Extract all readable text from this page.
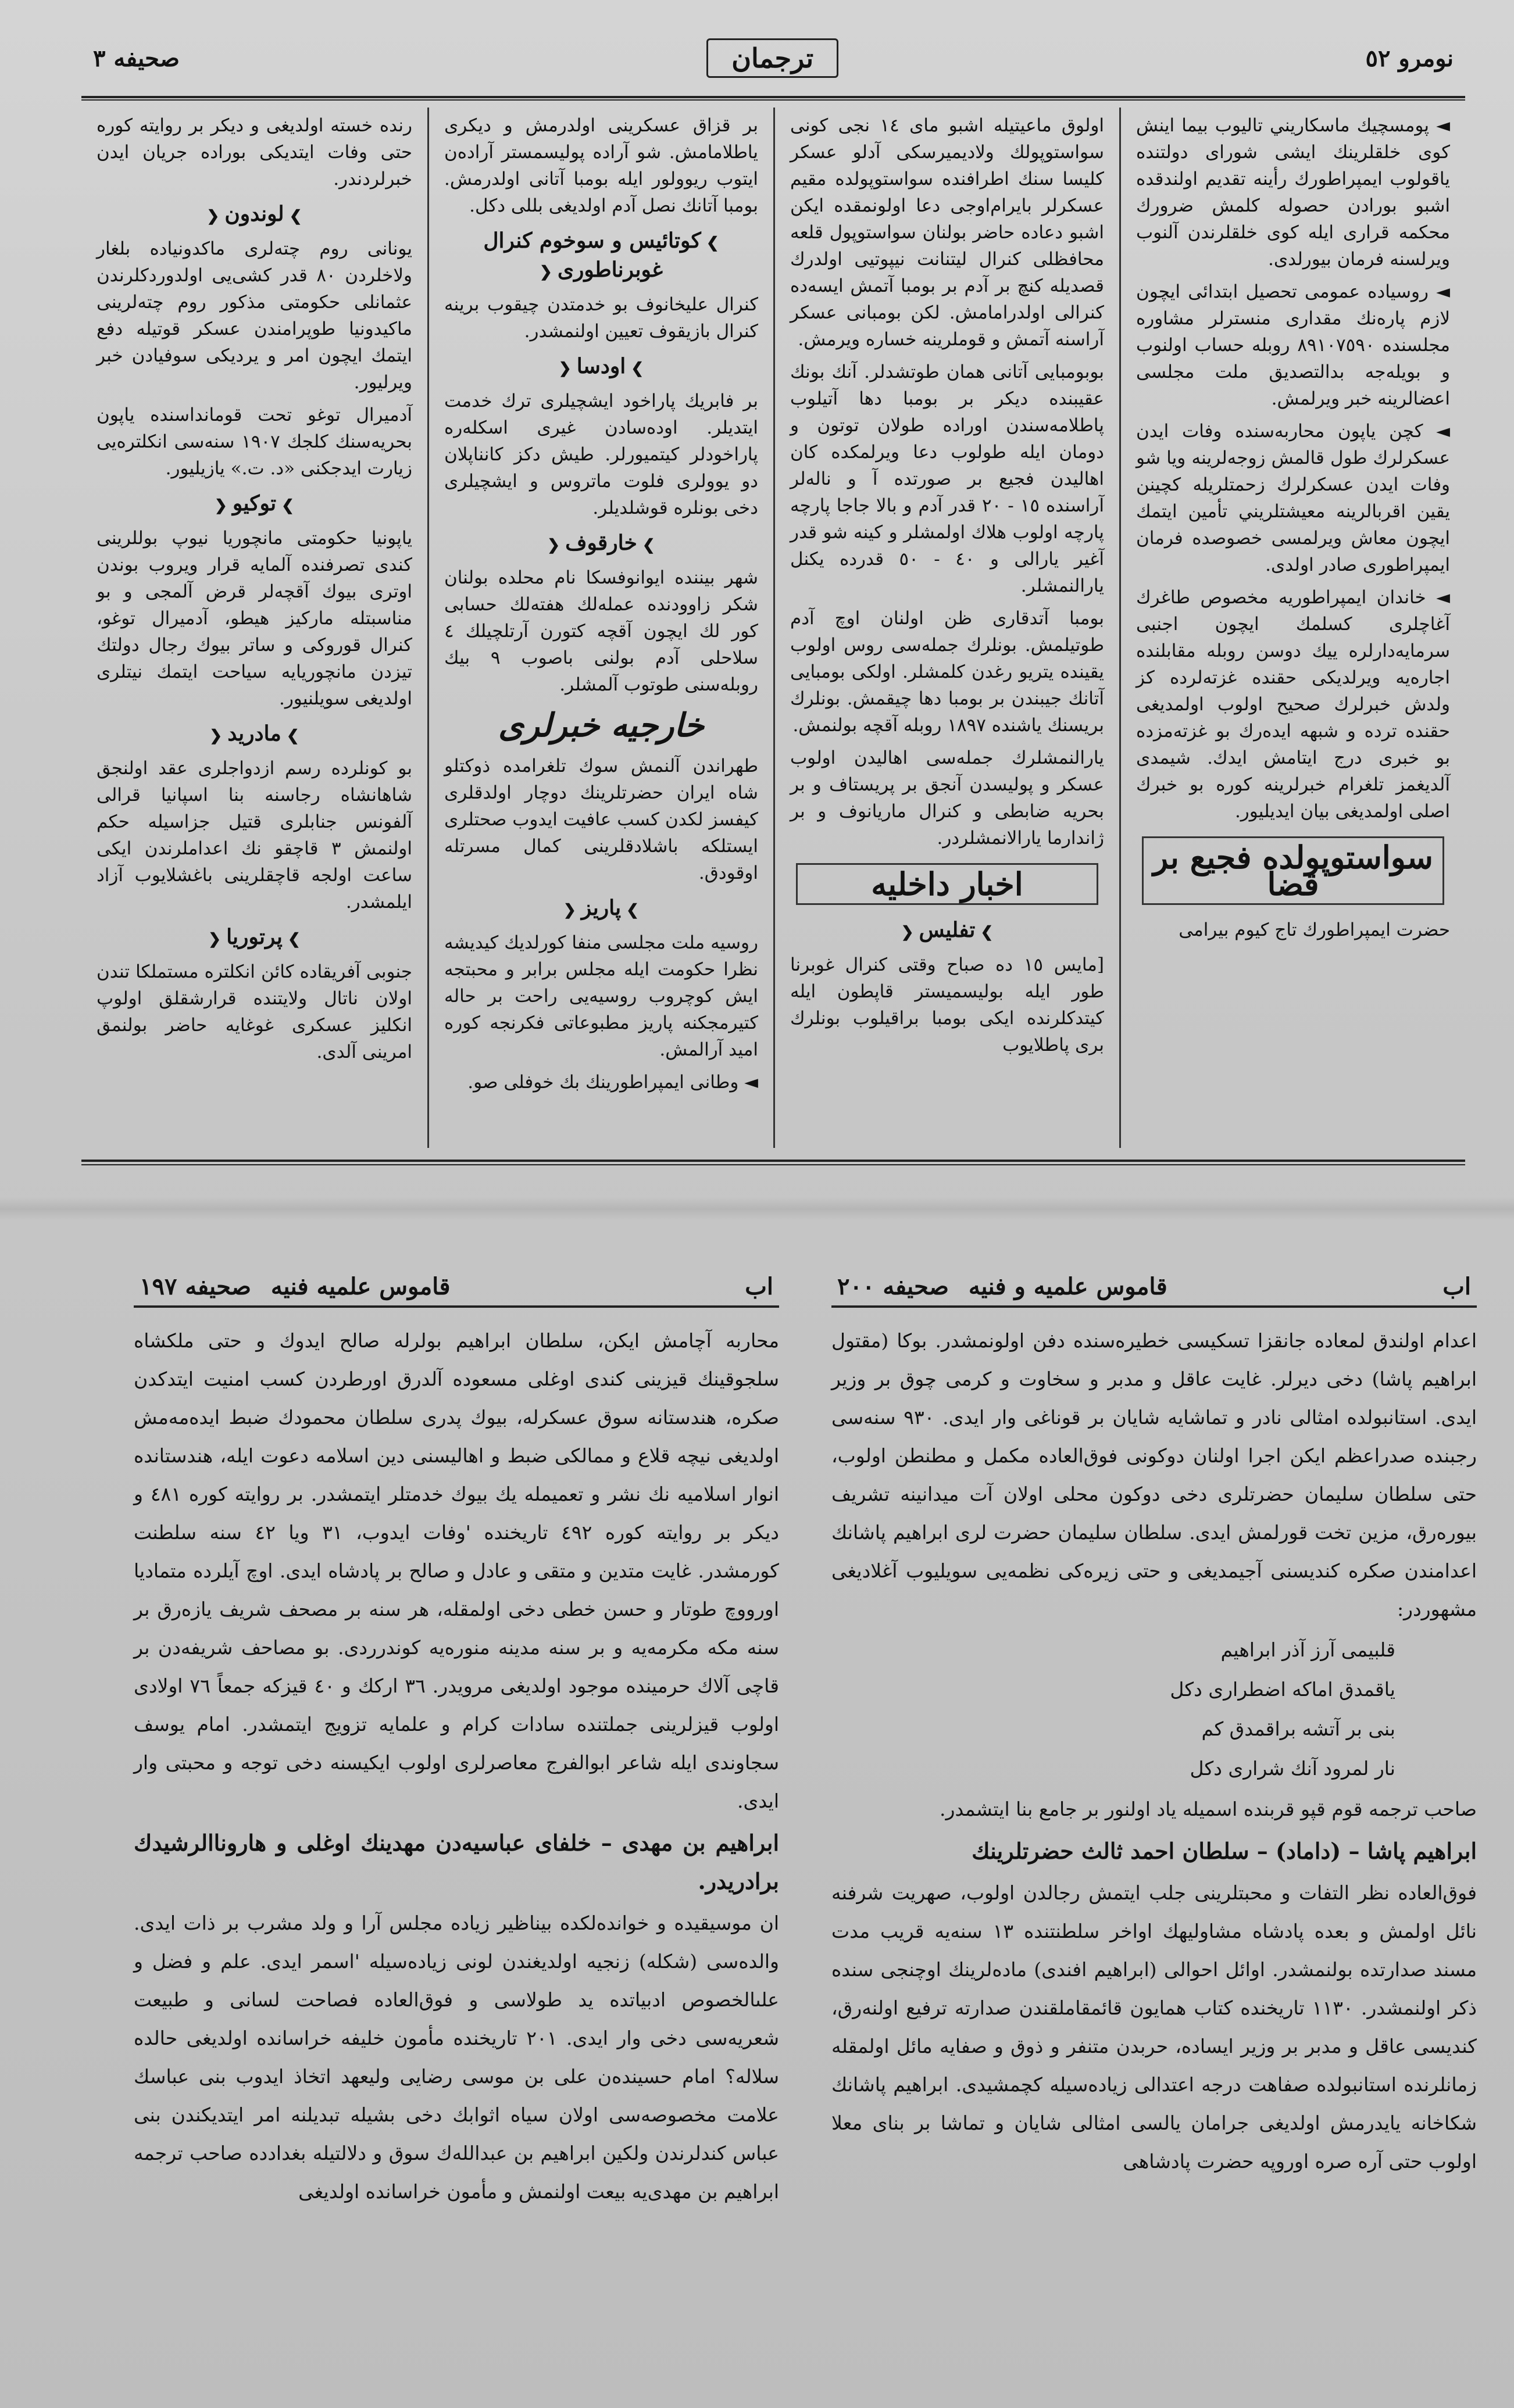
نومرو ٥٢
ترجمان
صحيفه ٣

◄ پومسچيك ماسكاريني تاليوب بيما اينش كوى خلقلرينك ايشى شوراى دولتنده ياقولوب ايمپراطورك رأينه تقديم اولندقده اشبو بورادن حصوله كلمش ضرورك محكمه قرارى ايله كوى خلقلرندن آلنوب ويرلسنه فرمان بيورلدى.

◄ روسياده عمومى تحصيل ابتدائى ايچون لازم پارەنك مقدارى منسترلر مشاوره مجلسنده ٨٩١٠٧٥٩٠ روبله حساب اولنوب و بويله‌جه بدالتصديق ملت مجلسى اعضالرينه خبر ويرلمش.

◄ كچن ياپون محاربه‌سنده وفات ايدن عسكرلرك طول قالمش زوجه‌لرينه ويا شو وفات ايدن عسكرلرك زحمتلريله كچينن يقين اقربالرينه معيشتلريني تأمين ايتمك ايچون معاش ويرلمسى خصوصده فرمان ايمپراطورى صادر اولدى.

◄ خاندان ايمپراطوريه مخصوص طاغرك آغاچلرى كسلمك ايچون اجنبى سرمايه‌دارلره ييك دوسن روبله مقابلنده اجاره‌يه ويرلديكى حقنده غزته‌لرده كز ولدش خبرلرك صحيح اولوب اولمديغى حقنده ترده و شبهه ايدەرك بو غزته‌مزده بو خبرى درج ايتامش ايدك. شيمدى آلديغمز تلغرام خبرلرينه كوره بو خبرك اصلى اولمديغى بيان ايديليور.

سواستوپولده فجيع بر قضا

حضرت ايمپراطورك تاج كيوم بيرامى

اولوق ماعيتيله اشبو ماى ١٤ نجى كونى سواستوپولك ولاديميرسكى آدلو عسكر كليسا سنك اطرافنده سواستوپولده مقيم عسكرلر بايرام‌اوجى دعا اولونمقده ايكن اشبو دعاده حاضر بولنان سواستوپول قلعه محافظلى كنرال ليتنانت نيپوتيى اولدرك قصديله كنچ بر آدم بر بومبا آتمش ايسه‌ده كنرالى اولدرامامش. لكن بومبا‌نى عسكر آراسنه آتمش و قوملرينه خساره ويرمش.

بوبومبايى آتانى همان طوتشدلر. آنك بونك عقيبنده ديكر بر بومبا دها آتيلوب پاطلامه‌سندن اوراده طولان توتون و دومان ايله طولوب دعا ويرلمكده كان اهاليدن فجيع بر صورتده آ و ناله‌لر آراسنده ١٥ - ٢٠ قدر آدم و بالا جاجا پارچه پارچه اولوب هلاك اولمشلر و كينه شو قدر آغير يارالى و ٤٠ - ٥٠ قدرده يكنل يارالنمشلر.

بومبا آتدقارى ظن اولنان اوچ آدم طوتيلمش. بونلرك جمله‌سى روس اولوب يقينده يتريو رغدن كلمشلر. اولكى بومبايى آتانك جيبندن بر بومبا دها چيقمش. بونلرك بريسنك ياشنده ١٨٩٧ روبله آقچه بولنمش.

يارالنمشلرك جمله‌سى اهاليدن اولوب عسكر و پوليسدن آنجق بر پريستاف و بر بحريه ضابطى و كنرال ماريانوف و بر ژاندارما يارالانمشلردر.

اخبار داخليه
❯ تفليس ❮

[مايس ١٥ ده صباح وقتى كنرال غوبرنا طور ايله بوليسميستر قاپطون ايله كيتدكلرنده ايكى بومبا براقيلوب بونلرك برى پاطلايوب

بر قزاق عسكرينى اولدرمش و ديكرى ياطلامامش. شو آرادە پوليسمستر آراده‌ن ايتوب ريوولور ايله بومبا آتانى اولدرمش. بومبا آتانك نصل آدم اولديغى بللى دكل.

❯ كوتائيس و سوخوم كنرال غوبرناطورى ❮

كنرال عليخانوف بو خدمتدن چيقوب برينه كنرال بازيقوف تعيين اولنمشدر.

❯ اودسا ❮

بر فابريك پاراخود ايشچيلرى ترك خدمت ايتديلر. اودەسادن غيرى اسكله‌ره پاراخودلر كيتميورلر. طيش دكز كانناپلان دو يوولرى فلوت ماتروس و ايشچيلرى دخى بونلره قوشلديلر.

❯ خارقوف ❮

شهر بيننده ايوانوفسكا نام محلده بولنان شكر زاوودنده عمله‌لك هفته‌لك حسابى كور لك ايچون آقچه كتورن آرتلچيلك ٤ سلاحلى آدم بولنى باصوب ٩ بيك روبله‌سنى طوتوب آلمشلر.

خارجيه خبرلرى

طهراندن آلنمش سوك تلغرامده ذوكتلو شاه ايران حضرتلرينك دوچار اولدقلرى كيفسز لكدن كسب عافيت ايدوب صحتلرى ايستلكه باشلادقلرينى كمال مسرتله اوقودق.

❯ پاريز ❮

روسيه ملت مجلسى منفا كورلديك كيديشه نظرا حكومت ايله مجلس برابر و محبتجه ايش كوچروب روسيه‌يى راحت بر حاله كتيرمجكنه پاريز مطبوعاتى فكرنجه كوره اميد آرالمش.

◄ وطانى ايمپراطورينك بك خوفلى صو.

رنده خسته اولديغى و ديكر بر روايته كوره حتى وفات ايتديكى بوراده جريان ايدن خبرلردندر.

❯ لوندون ❮

يونانى روم چته‌لرى ماكدونياده بلغار ولاخلردن ٨٠ قدر كشى‌يى اولدوردكلرندن عثمانلى حكومتى مذكور روم چته‌لرينى ماكيدونيا طوپرامندن عسكر قوتيله دفع ايتمك ايچون امر و يرديكى سوفيادن خبر ويرليور.

آدميرال توغو تحت قومانداسنده ياپون بحريه‌سنك كلجك ١٩٠٧ سنه‌سى انكلترەيى زيارت ايدجكنى «د. ت.» يازيليور.

❯ توكيو ❮

ياپونيا حكومتى مانچوريا نيوپ بوللرينى كندى تصرفنده آلمايه قرار ويروب بوندن اوترى بيوك آقچەلر قرض آلمجى و بو مناسبتله ماركيز هيطو، آدميرال توغو، كنرال قوروكى و ساتر بيوك رجال دولتك تيزدن مانچوريايه سياحت ايتمك نيتلرى اولديغى سويلنيور.

❯ مادريد ❮

بو كونلرده رسم ازدواجلرى عقد اولنجق شاهانشاه رجاسنه بنا اسپانيا قرالى آلفونس جنابلرى قتيل جزاسيله حكم اولنمش ٣ قاچقو نك اعداملرندن ايكى ساعت اولجه قاچقلرينى باغشلايوب آزاد ايلمشدر.

❯ پرتوريا ❮

جنوبى آفريقاده كائن انكلتره مستملكا تندن اولان ناتال ولايتنده قرارشقلق اولوپ انكليز عسكرى غوغايه حاضر بولنمق امرينى آلدى.

اب
قاموس علميه و فنيه
صحيفه ٢٠٠

اعدام اولندق لمعاده جانقزا تسكيسى خطيره‌سنده دفن اولونمشدر. بوكا (مقتول ابراهيم پاشا) دخى ديرلر. غايت عاقل و مدبر و سخاوت و كرمى چوق بر وزير ايدى. استانبولده امثالى نادر و تماشايه شايان بر قوناغى وار ايدى. ٩٣٠ سنه‌سى رجبنده صدراعظم ايكن اجرا اولنان دوكونى فوق‌العاده مكمل و مطنطن اولوب، حتى سلطان سليمان حضرتلرى دخى دوكون محلى اولان آت ميدانينه تشريف بيوره‌رق، مزين تخت قورلمش ايدى. سلطان سليمان حضرت لرى ابراهيم پاشانك اعدامندن صكره كنديسنى آجيمديغى و حتى زيره‌كى نظمه‌يى سويليوب آغلاديغى مشهوردر:

قلبيمى آرز آذر ابراهيم

ياقمدق اماكه اضطرارى دكل

بنى بر آتشه براقمدق كم

نار لمرود آنك شرارى دكل

صاحب ترجمه قوم قپو قربنده اسميله ياد اولنور بر جامع بنا ايتشمدر.

ابراهيم پاشا – (داماد) – سلطان احمد ثالث حضرتلرينك

فوق‌العاده نظر التفات و محبتلرينى جلب ايتمش رجالدن اولوب، صهريت شرفنه نائل اولمش و بعده پادشاه مشاوليهك اواخر سلطنتنده ١٣ سنه‌يه قريب مدت مسند صدارتده بولنمشدر. اوائل احوالى (ابراهيم افندى) ماده‌لرينك اوچنجى سنده ذكر اولنمشدر. ١١٣٠ تاريخنده كتاب همايون قائمقاملقندن صدارته ترفيع اولنه‌رق، كنديسى عاقل و مدبر بر وزير ايساده، حربدن متنفر و ذوق و صفايه مائل اولمقله زمانلرنده استانبولده صفاهت درجه اعتدالى زياده‌سيله كچمشيدى. ابراهيم پاشانك شكاخانه يايدرمش اولديغى جرامان يالسى امثالى شايان و تماشا بر بناى معلا اولوب حتى آره صره اوروپه حضرت پادشاهى

اب
قاموس علميه فنيه
صحيفه ١٩٧

محاربه آچامش ايكن، سلطان ابراهيم بولرله صالح ايدوك و حتى ملكشاه سلجوقينك قيزينى كندى اوغلى مسعوده آلدرق اورطردن كسب امنيت ايتدكدن صكره، هندستانه سوق عسكرله، بيوك پدرى سلطان محمودك ضبط ايده‌مەمش اولديغى نيچه قلاع و ممالكى ضبط و اهاليسنى دين اسلامه دعوت ايله، هندستانده انوار اسلاميه نك نشر و تعميمله يك بيوك خدمتلر ايتمشدر. بر روايته كوره ٤٨١ و ديكر بر روايته كوره ٤٩٢ تاريخنده 'وفات ايدوب، ٣١ ويا ٤٢ سنه سلطنت كورمشدر. غايت متدين و متقى و عادل و صالح بر پادشاه ايدى. اوچ آيلرده متماديا اورووچ طوتار و حسن خطى دخى اولمقله، هر سنه بر مصحف شريف يازه‌رق بر سنه مكه مكرمه‌يه و بر سنه مدينه منوره‌يه كوندرردى. بو مصاحف شريفه‌دن بر قاچى آلاك حرمينده موجود اولديغى مرويدر. ٣٦ اركك و ٤٠ قيزكه جمعاً ٧٦ اولادى اولوب قيزلرينى جملتنده سادات كرام و علمايه تزويج ايتمشدر. امام يوسف سجاوندى ايله شاعر ابوالفرج معاصرلرى اولوب ايكيسنه دخى توجه و محبتى وار ايدى.

ابراهيم بن مهدى – خلفاى عباسيه‌دن مهدينك اوغلى و هاروناالرشيدك برادريدر.

ان موسيقيده و خواندەلكده بيناظير زياده مجلس آرا و ولد مشرب بر ذات ايدى. والده‌سى (شكله) زنجيه اولديغندن لونى زياده‌سيله 'اسمر ايدى. علم و فضل و علىالخصوص ادبياتده يد طولاسى و فوق‌العاده فصاحت لسانى و طبيعت شعريه‌سى دخى وار ايدى. ٢٠١ تاريخنده مأمون خليفه خراسانده اولديغى حالده سلاله؟ امام حسينده‌ن على بن موسى رضايى وليعهد اتخاذ ايدوب بنى عباسك علامت مخصوصه‌سى اولان سياه اثوابك دخى بشيله تبديلنه امر ايتديكندن بنى عباس كندلرندن ولكين ابراهيم بن عبدالله‌ك سوق و دلالتيله بغدادده صاحب ترجمه ابراهيم بن مهدى‌يه بيعت اولنمش و مأمون خراسانده اولديغى
